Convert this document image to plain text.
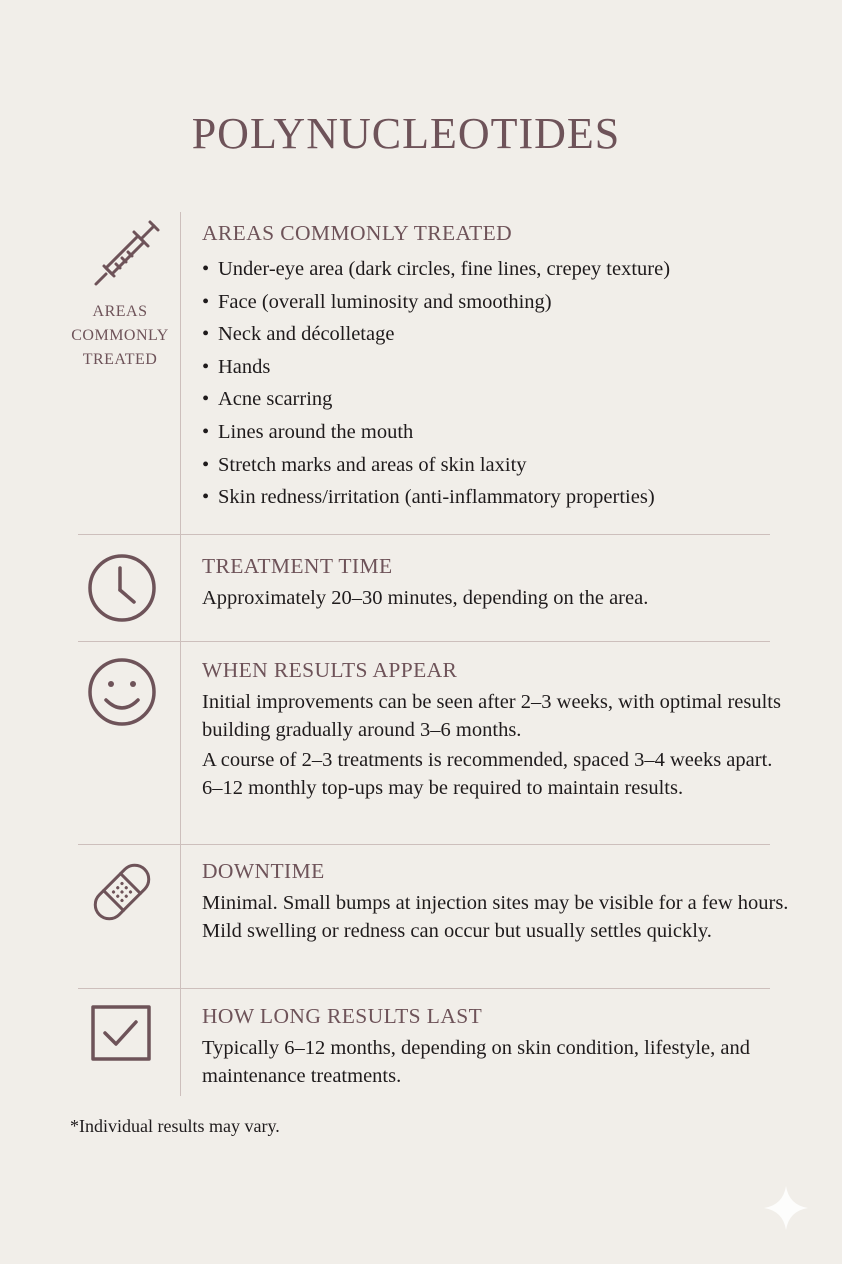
POLYNUCLEOTIDES
AREAS
COMMONLY
TREATED
AREAS COMMONLY TREATED
• Under-eye area (dark circles, fine lines, crepey texture)
• Face (overall luminosity and smoothing)
• Neck and décolletage
• Hands
• Acne scarring
• Lines around the mouth
• Stretch marks and areas of skin laxity
• Skin redness/irritation (anti-inflammatory properties)
TREATMENT TIME

Approximately 20–30 minutes, depending on the area.

WHEN RESULTS APPEAR

Initial improvements can be seen after 2–3 weeks, with optimal results building gradually around 3–6 months.

A course of 2–3 treatments is recommended, spaced 3–4 weeks apart. 6–12 monthly top-ups may be required to maintain results.

DOWNTIME

Minimal. Small bumps at injection sites may be visible for a few hours. Mild swelling or redness can occur but usually settles quickly.

HOW LONG RESULTS LAST

Typically 6–12 months, depending on skin condition, lifestyle, and maintenance treatments.

*Individual results may vary.
